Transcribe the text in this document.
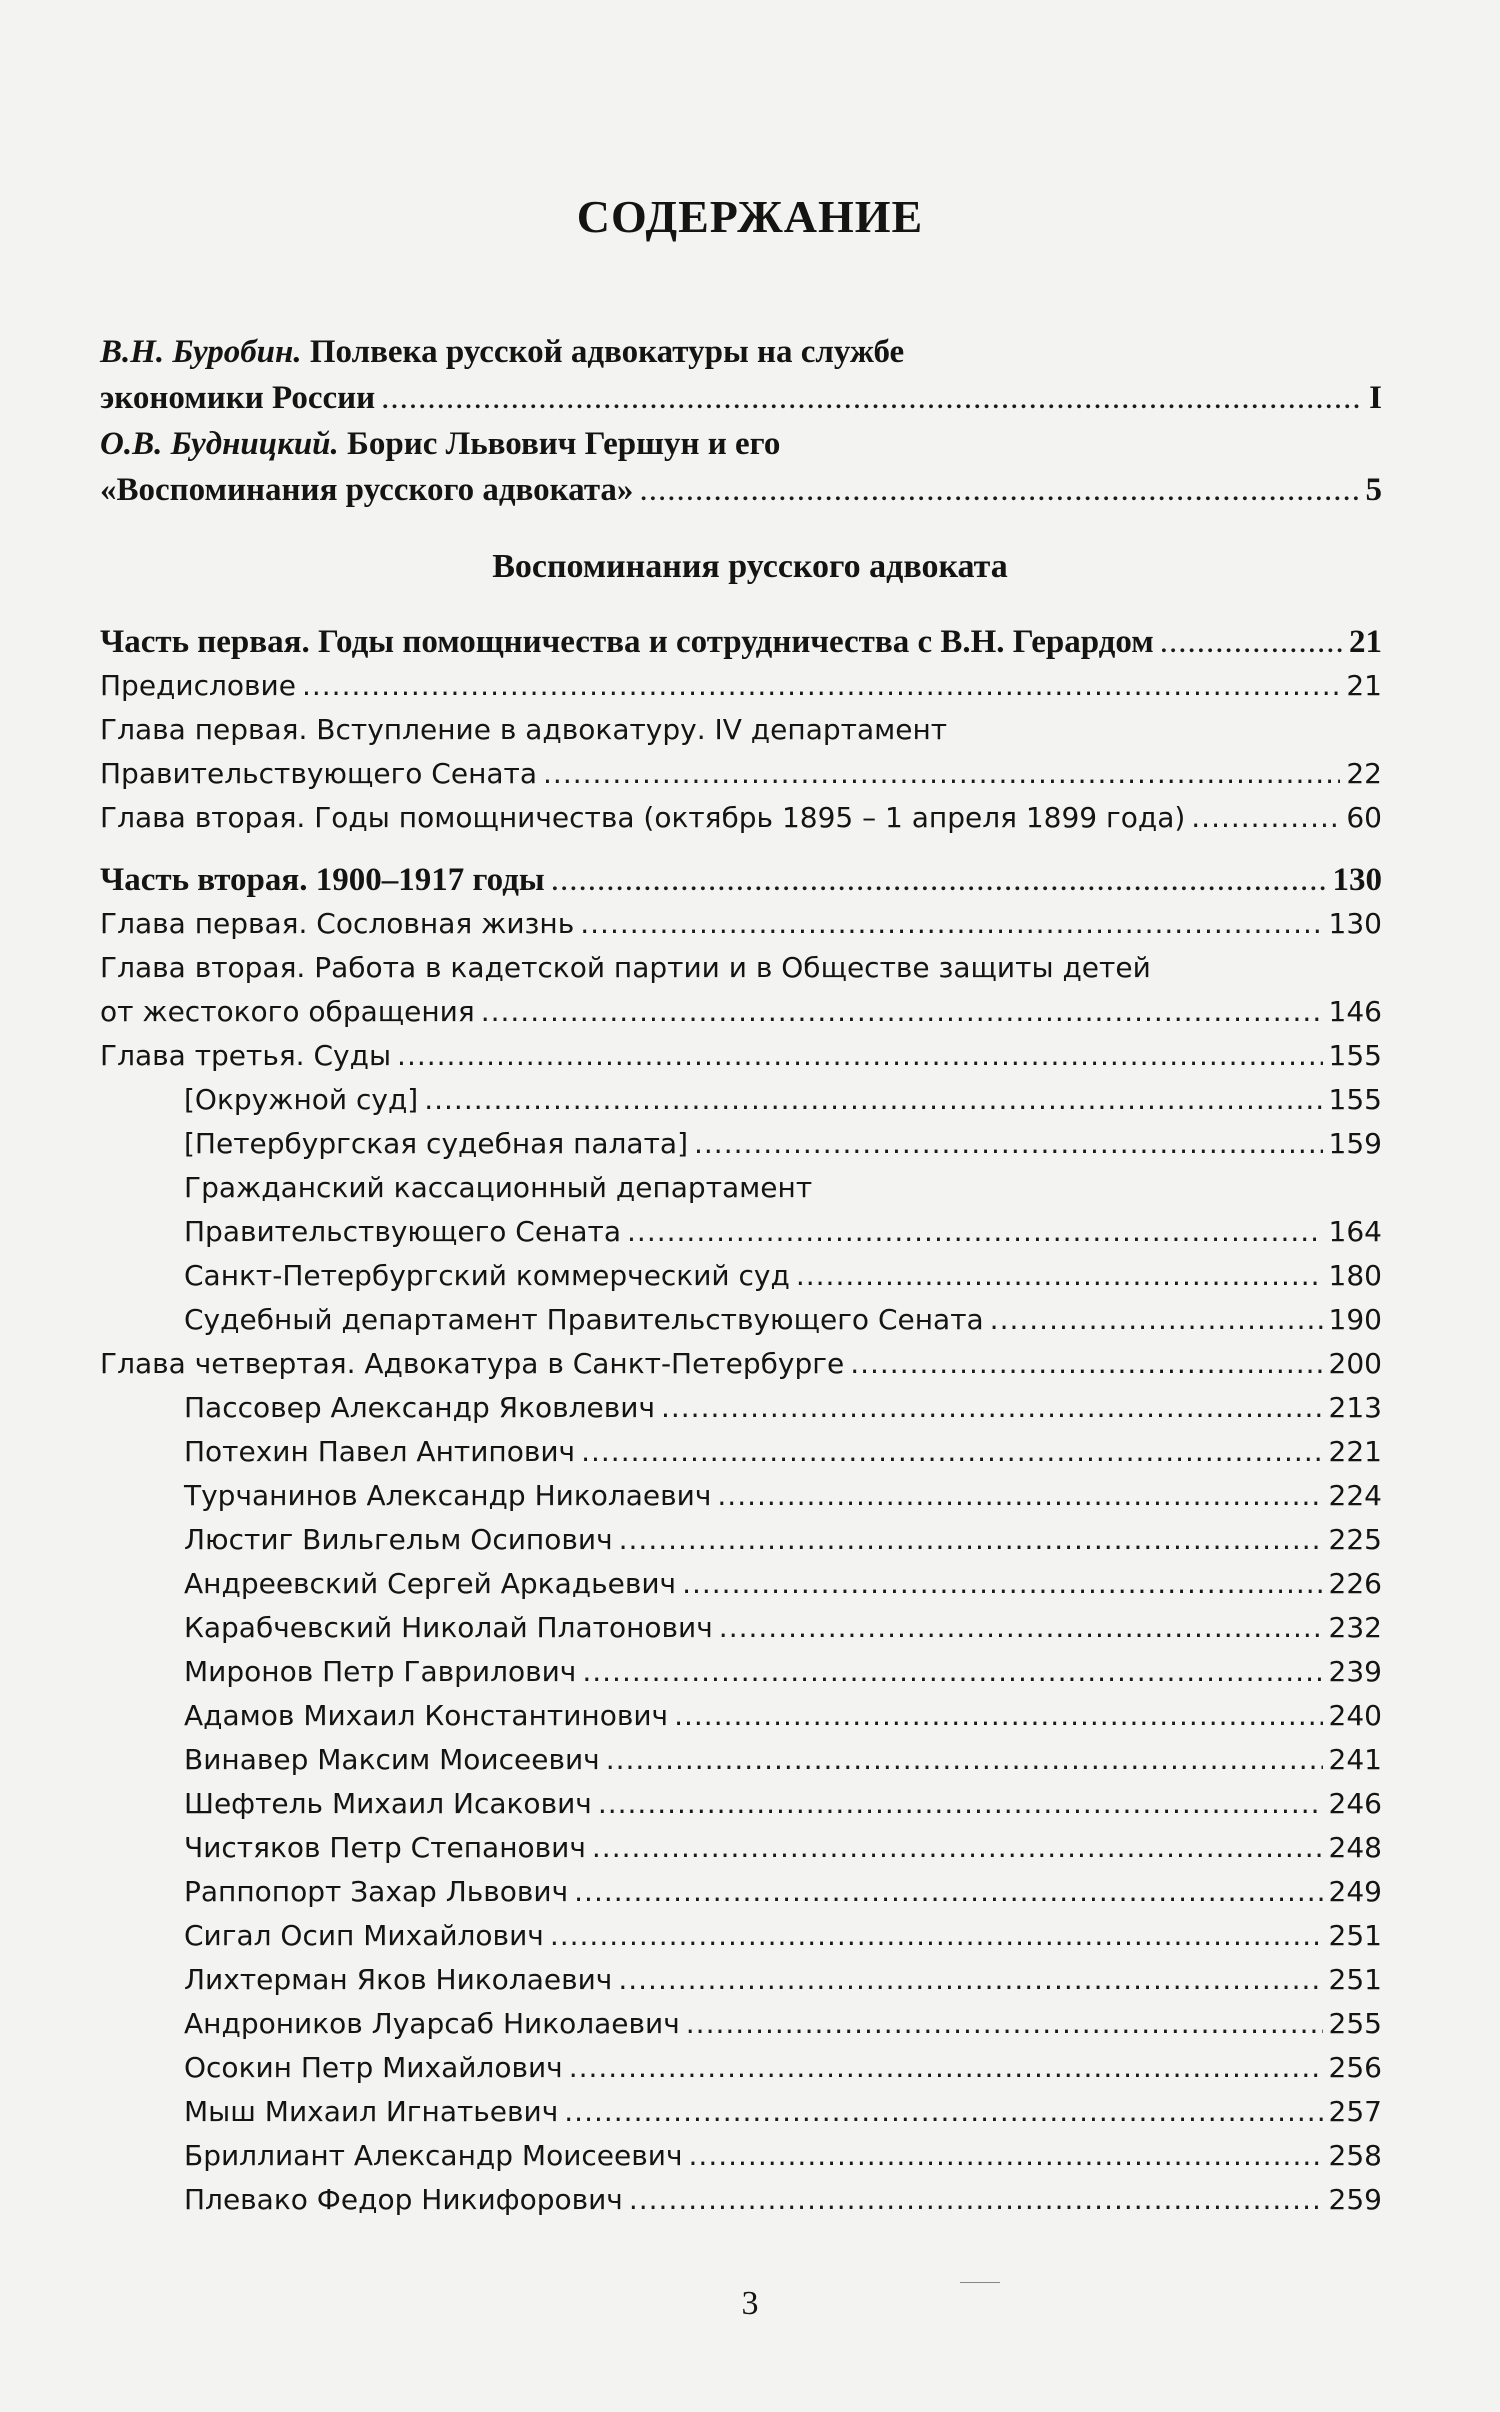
СОДЕРЖАНИЕ
Воспоминания русского адвоката
В.Н. Буробин. Полвека русской адвокатуры на службе
экономики России .....	I
О.В. Будницкий. Борис Львович Гершун и его
«Воспоминания русского адвоката» .....	5
Часть первая. Годы помощничества и сотрудничества с В.Н. Герардом .....	21
Предисловие .....	21
Глава первая. Вступление в адвокатуру. IV департамент
Правительствующего Сената .....	22
Глава вторая. Годы помощничества (октябрь 1895 – 1 апреля 1899 года) .....	60
Часть вторая. 1900–1917 годы .....	130
Глава первая. Сословная жизнь .....	130
Глава вторая. Работа в кадетской партии и в Обществе защиты детей
от жестокого обращения .....	146
Глава третья. Суды .....	155
[Окружной суд] .....	155
[Петербургская судебная палата] .....	159
Гражданский кассационный департамент
Правительствующего Сената .....	164
Санкт-Петербургский коммерческий суд .....	180
Судебный департамент Правительствующего Сената .....	190
Глава четвертая. Адвокатура в Санкт-Петербурге .....	200
Пассовер Александр Яковлевич .....	213
Потехин Павел Антипович .....	221
Турчанинов Александр Николаевич .....	224
Люстиг Вильгельм Осипович .....	225
Андреевский Сергей Аркадьевич .....	226
Карабчевский Николай Платонович .....	232
Миронов Петр Гаврилович .....	239
Адамов Михаил Константинович .....	240
Винавер Максим Моисеевич .....	241
Шефтель Михаил Исакович .....	246
Чистяков Петр Степанович .....	248
Раппопорт Захар Львович .....	249
Сигал Осип Михайлович .....	251
Лихтерман Яков Николаевич .....	251
Андроников Луарсаб Николаевич .....	255
Осокин Петр Михайлович .....	256
Мыш Михаил Игнатьевич .....	257
Бриллиант Александр Моисеевич .....	258
Плевако Федор Никифорович .....	259
3
